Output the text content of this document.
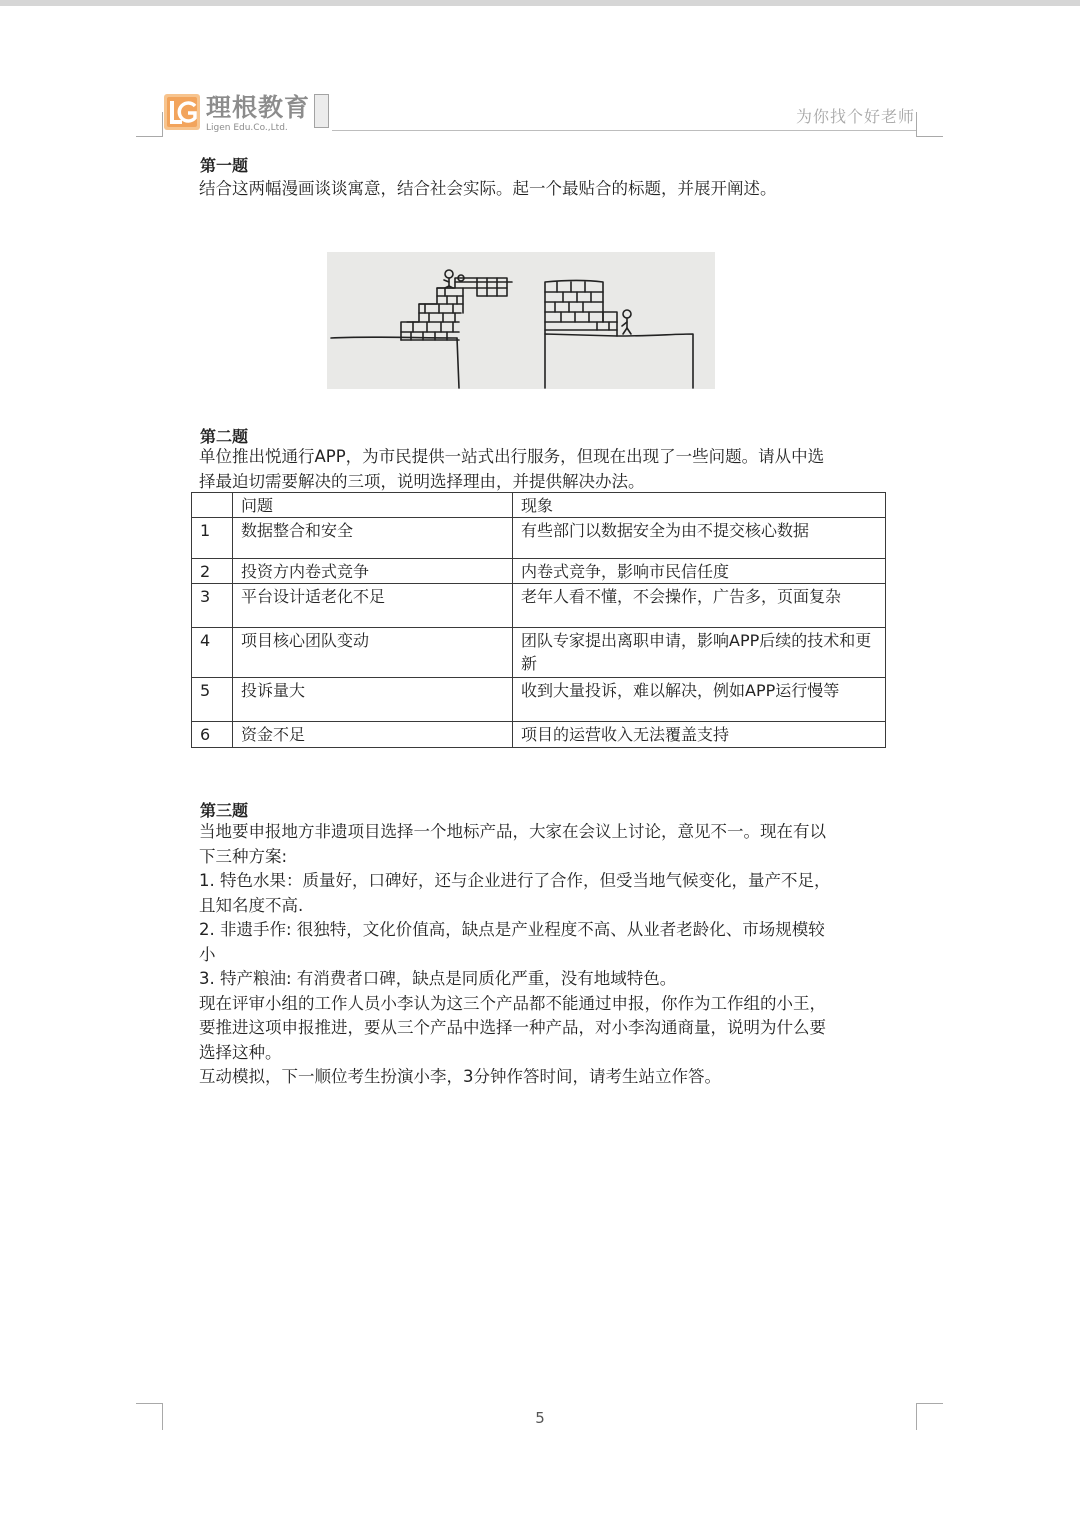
理根教育
Ligen Edu.Co.,Ltd.
为你找个好老师
第一题
结合这两幅漫画谈谈寓意，结合社会实际。起一个最贴合的标题，并展开阐述。
第二题
单位推出悦通行APP，为市民提供一站式出行服务，但现在出现了一些问题。请从中选
择最迫切需要解决的三项，说明选择理由，并提供解决办法。
	问题	现象
1	数据整合和安全	有些部门以数据安全为由不提交核心数据
2	投资方内卷式竞争	内卷式竞争，影响市民信任度
3	平台设计适老化不足	老年人看不懂，不会操作，广告多，页面复杂
4	项目核心团队变动	团队专家提出离职申请，影响APP后续的技术和更新
5	投诉量大	收到大量投诉，难以解决，例如APP运行慢等
6	资金不足	项目的运营收入无法覆盖支持
第三题
当地要申报地方非遗项目选择一个地标产品，大家在会议上讨论，意见不一。现在有以
下三种方案:
1. 特色水果：质量好，口碑好，还与企业进行了合作，但受当地气候变化，量产不足，
且知名度不高.
2. 非遗手作: 很独特，文化价值高，缺点是产业程度不高、从业者老龄化、市场规模较
小
3. 特产粮油: 有消费者口碑，缺点是同质化严重，没有地域特色。
现在评审小组的工作人员小李认为这三个产品都不能通过申报，你作为工作组的小王，
要推进这项申报推进，要从三个产品中选择一种产品，对小李沟通商量，说明为什么要
选择这种。
互动模拟，下一顺位考生扮演小李，3分钟作答时间，请考生站立作答。
5
